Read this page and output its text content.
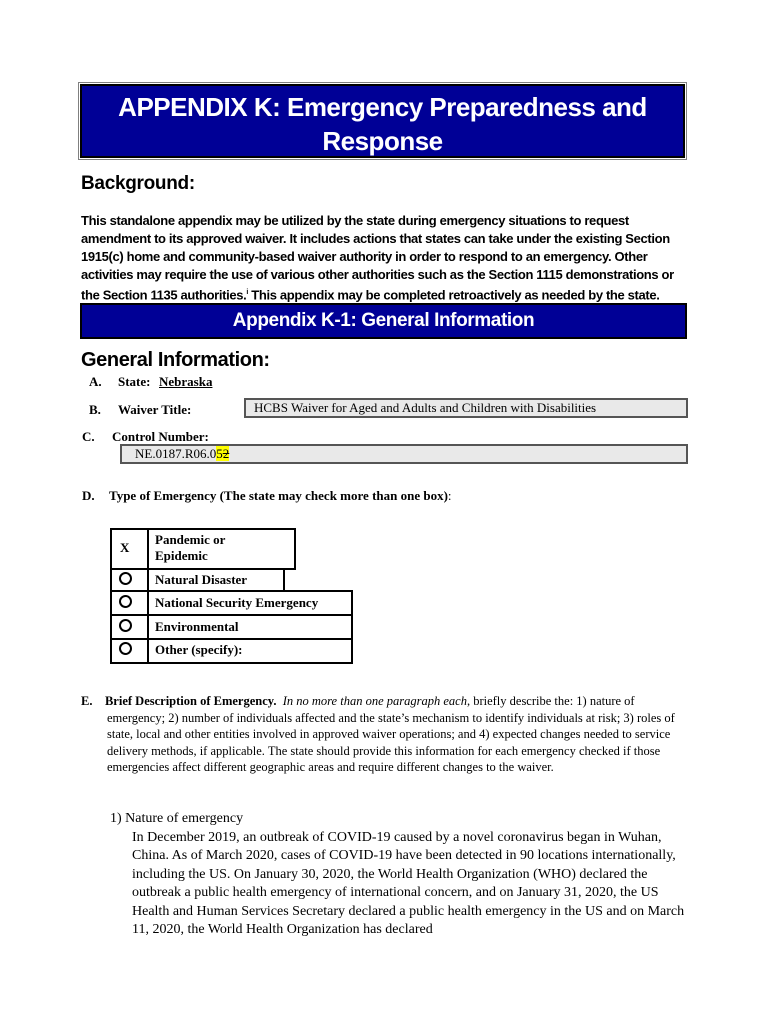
APPENDIX K: Emergency Preparedness and
Response
Background:
This standalone appendix may be utilized by the state during emergency situations to request amendment to its approved waiver. It includes actions that states can take under the existing Section 1915(c) home and community-based waiver authority in order to respond to an emergency. Other activities may require the use of various other authorities such as the Section 1115 demonstrations or the Section 1135 authorities.$^i$ This appendix may be completed retroactively as needed by the state.
Appendix K-1: General Information
General Information:
A. State: Nebraska
B. Waiver Title:	HCBS Waiver for Aged and Adults and Children with Disabilities
C. Control Number:
NE.0187.R06.052
D. Type of Emergency (The state may check more than one box):
X
Pandemic or Epidemic
Natural Disaster
National Security Emergency
Environmental
Other (specify):
E. Brief Description of Emergency. In no more than one paragraph each, briefly describe the: 1) nature of emergency; 2) number of individuals affected and the state’s mechanism to identify individuals at risk; 3) roles of state, local and other entities involved in approved waiver operations; and 4) expected changes needed to service delivery methods, if applicable. The state should provide this information for each emergency checked if those emergencies affect different geographic areas and require different changes to the waiver.
1) Nature of emergency
In December 2019, an outbreak of COVID-19 caused by a novel coronavirus began in Wuhan, China. As of March 2020, cases of COVID-19 have been detected in 90 locations internationally, including the US. On January 30, 2020, the World Health Organization (WHO) declared the outbreak a public health emergency of international concern, and on January 31, 2020, the US Health and Human Services Secretary declared a public health emergency in the US and on March 11, 2020, the World Health Organization has declared
